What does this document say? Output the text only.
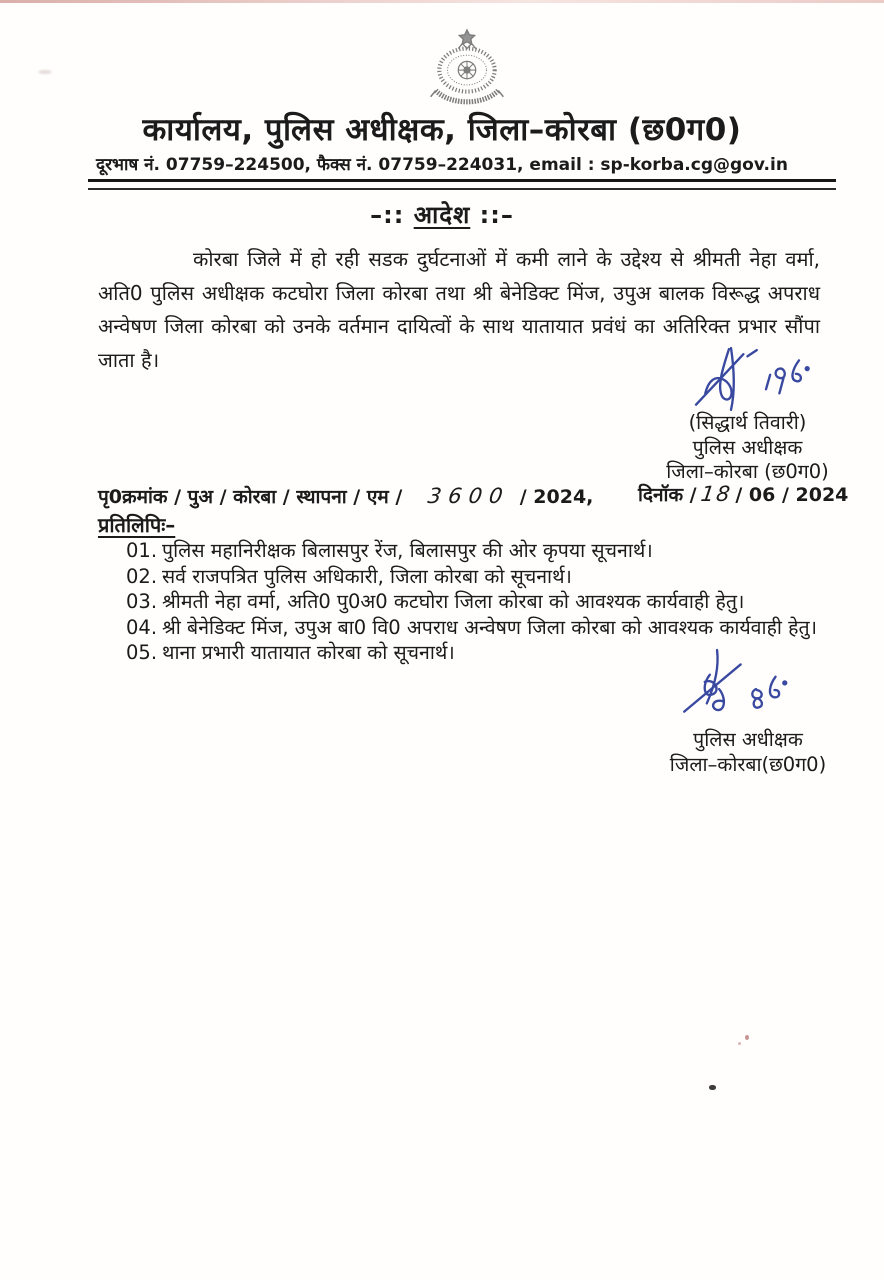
कार्यालय, पुलिस अधीक्षक, जिला–कोरबा (छ0ग0)
दूरभाष नं. 07759–224500, फैक्स नं. 07759–224031, email : sp-korba.cg@gov.in
–:: आदेश ::–
कोरबा जिले में हो रही सडक दुर्घटनाओं में कमी लाने के उद्देश्य से श्रीमती नेहा वर्मा, अति0 पुलिस अधीक्षक कटघोरा जिला कोरबा तथा श्री बेनेडिक्ट मिंज, उपुअ बालक विरूद्ध अपराध अन्वेषण जिला कोरबा को उनके वर्तमान दायित्वों के साथ यातायात प्रवंधं का अतिरिक्त प्रभार सौंपा जाता है।
(सिद्धार्थ तिवारी)
पुलिस अधीक्षक
जिला–कोरबा (छ0ग0)
पृ0क्रमांक / पुअ / कोरबा / स्थापना / एम / 3600 / 2024, दिनॉक / 18 / 06 / 2024
प्रतिलिपिः–
01. पुलिस महानिरीक्षक बिलासपुर रेंज, बिलासपुर की ओर कृपया सूचनार्थ।
02. सर्व राजपत्रित पुलिस अधिकारी, जिला कोरबा को सूचनार्थ।
03. श्रीमती नेहा वर्मा, अति0 पु0अ0 कटघोरा जिला कोरबा को आवश्यक कार्यवाही हेतु।
04. श्री बेनेडिक्ट मिंज, उपुअ बा0 वि0 अपराध अन्वेषण जिला कोरबा को आवश्यक कार्यवाही हेतु।
05. थाना प्रभारी यातायात कोरबा को सूचनार्थ।
पुलिस अधीक्षक
जिला–कोरबा(छ0ग0)
